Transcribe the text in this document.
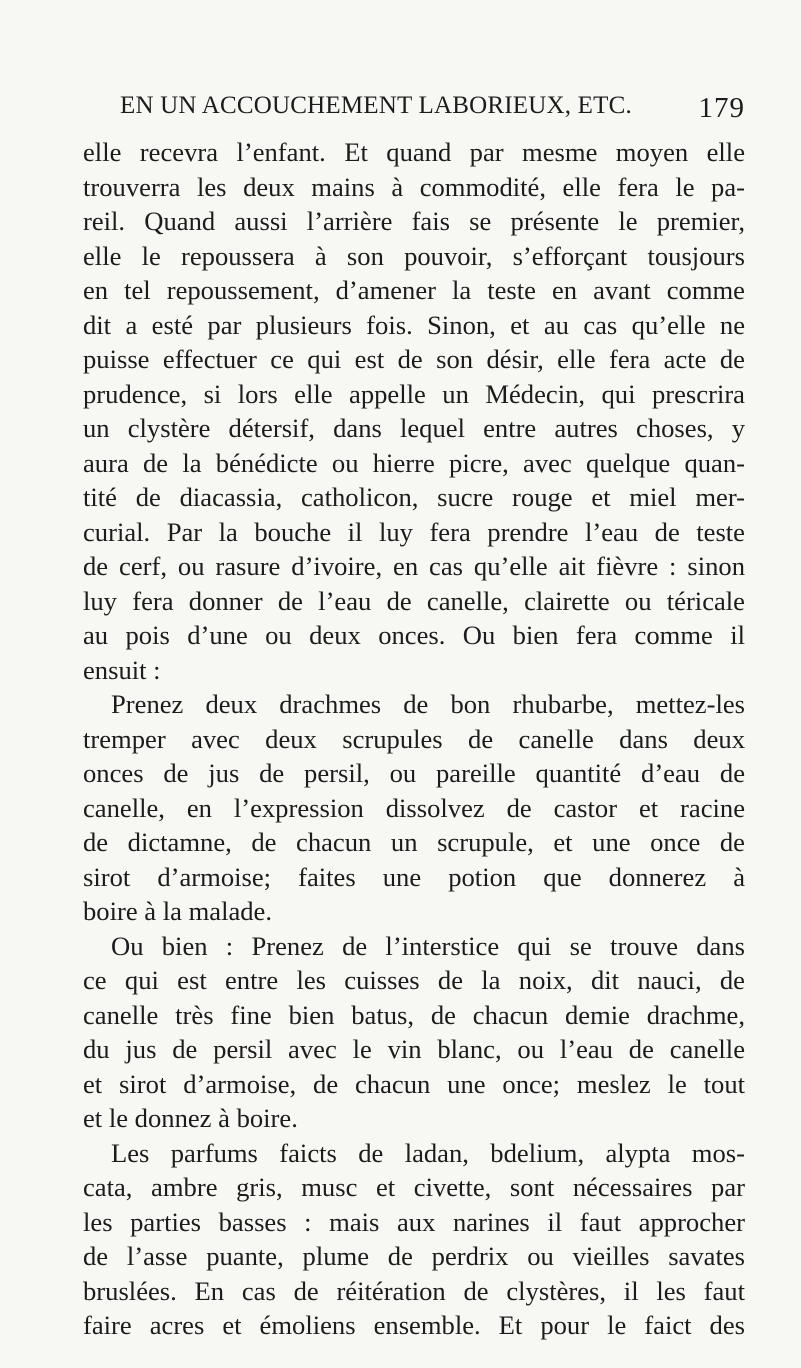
EN UN ACCOUCHEMENT LABORIEUX, ETC. 179
elle recevra l’enfant. Et quand par mesme moyen elle
trouverra les deux mains à commodité, elle fera le pa-
reil. Quand aussi l’arrière fais se présente le premier,
elle le repoussera à son pouvoir, s’efforçant tousjours
en tel repoussement, d’amener la teste en avant comme
dit a esté par plusieurs fois. Sinon, et au cas qu’elle ne
puisse effectuer ce qui est de son désir, elle fera acte de
prudence, si lors elle appelle un Médecin, qui prescrira
un clystère détersif, dans lequel entre autres choses, y
aura de la bénédicte ou hierre picre, avec quelque quan-
tité de diacassia, catholicon, sucre rouge et miel mer-
curial. Par la bouche il luy fera prendre l’eau de teste
de cerf, ou rasure d’ivoire, en cas qu’elle ait fièvre : sinon
luy fera donner de l’eau de canelle, clairette ou téricale
au pois d’une ou deux onces. Ou bien fera comme il
ensuit :
Prenez deux drachmes de bon rhubarbe, mettez-les
tremper avec deux scrupules de canelle dans deux
onces de jus de persil, ou pareille quantité d’eau de
canelle, en l’expression dissolvez de castor et racine
de dictamne, de chacun un scrupule, et une once de
sirot d’armoise; faites une potion que donnerez à
boire à la malade.
Ou bien : Prenez de l’interstice qui se trouve dans
ce qui est entre les cuisses de la noix, dit nauci, de
canelle très fine bien batus, de chacun demie drachme,
du jus de persil avec le vin blanc, ou l’eau de canelle
et sirot d’armoise, de chacun une once; meslez le tout
et le donnez à boire.
Les parfums faicts de ladan, bdelium, alypta mos-
cata, ambre gris, musc et civette, sont nécessaires par
les parties basses : mais aux narines il faut approcher
de l’asse puante, plume de perdrix ou vieilles savates
bruslées. En cas de réitération de clystères, il les faut
faire acres et émoliens ensemble. Et pour le faict des
